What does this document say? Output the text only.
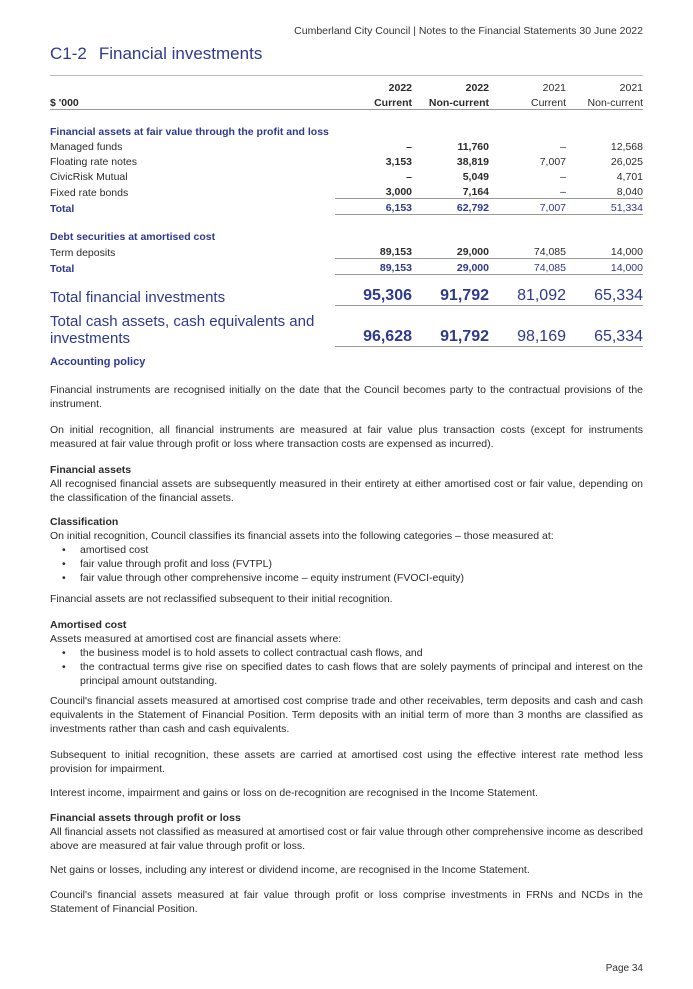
Cumberland City Council | Notes to the Financial Statements 30 June 2022
C1-2 Financial investments
	2022	2022	2021	2021
$ '000	Current	Non-current	Current	Non-current
Financial assets at fair value through the profit and loss				
Managed funds	–	11,760	–	12,568
Floating rate notes	3,153	38,819	7,007	26,025
CivicRisk Mutual	–	5,049	–	4,701
Fixed rate bonds	3,000	7,164	–	8,040
Total	6,153	62,792	7,007	51,334
Debt securities at amortised cost				
Term deposits	89,153	29,000	74,085	14,000
Total	89,153	29,000	74,085	14,000
Total financial investments	95,306	91,792	81,092	65,334
Total cash assets, cash equivalents and
investments	96,628	91,792	98,169	65,334
Accounting policy
Financial instruments are recognised initially on the date that the Council becomes party to the contractual provisions of the instrument.
On initial recognition, all financial instruments are measured at fair value plus transaction costs (except for instruments measured at fair value through profit or loss where transaction costs are expensed as incurred).
Financial assets
All recognised financial assets are subsequently measured in their entirety at either amortised cost or fair value, depending on the classification of the financial assets.
Classification
On initial recognition, Council classifies its financial assets into the following categories – those measured at:
• amortised cost
• fair value through profit and loss (FVTPL)
• fair value through other comprehensive income – equity instrument (FVOCI-equity)
Financial assets are not reclassified subsequent to their initial recognition.
Amortised cost
Assets measured at amortised cost are financial assets where:
• the business model is to hold assets to collect contractual cash flows, and
• the contractual terms give rise on specified dates to cash flows that are solely payments of principal and interest on the principal amount outstanding.
Council's financial assets measured at amortised cost comprise trade and other receivables, term deposits and cash and cash equivalents in the Statement of Financial Position. Term deposits with an initial term of more than 3 months are classified as investments rather than cash and cash equivalents.
Subsequent to initial recognition, these assets are carried at amortised cost using the effective interest rate method less provision for impairment.
Interest income, impairment and gains or loss on de-recognition are recognised in the Income Statement.
Financial assets through profit or loss
All financial assets not classified as measured at amortised cost or fair value through other comprehensive income as described above are measured at fair value through profit or loss.
Net gains or losses, including any interest or dividend income, are recognised in the Income Statement.
Council's financial assets measured at fair value through profit or loss comprise investments in FRNs and NCDs in the Statement of Financial Position.
Page 34
